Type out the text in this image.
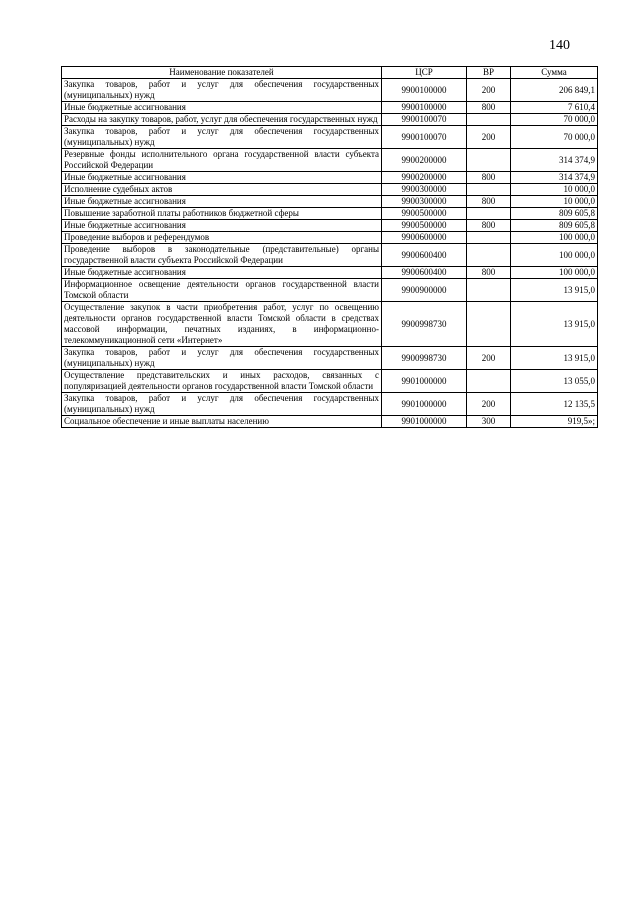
140
Наименование показателей	ЦСР	ВР	Сумма
Закупка товаров, работ и услуг для обеспечения государственных (муниципальных) нужд	9900100000	200	206 849,1
Иные бюджетные ассигнования	9900100000	800	7 610,4
Расходы на закупку товаров, работ, услуг для обеспечения государственных нужд	9900100070		70 000,0
Закупка товаров, работ и услуг для обеспечения государственных (муниципальных) нужд	9900100070	200	70 000,0
Резервные фонды исполнительного органа государственной власти субъекта Российской Федерации	9900200000		314 374,9
Иные бюджетные ассигнования	9900200000	800	314 374,9
Исполнение судебных актов	9900300000		10 000,0
Иные бюджетные ассигнования	9900300000	800	10 000,0
Повышение заработной платы работников бюджетной сферы	9900500000		809 605,8
Иные бюджетные ассигнования	9900500000	800	809 605,8
Проведение выборов и референдумов	9900600000		100 000,0
Проведение выборов в законодательные (представительные) органы государственной власти субъекта Российской Федерации	9900600400		100 000,0
Иные бюджетные ассигнования	9900600400	800	100 000,0
Информационное освещение деятельности органов государственной власти Томской области	9900900000		13 915,0
Осуществление закупок в части приобретения работ, услуг по освещению деятельности органов государственной власти Томской области в средствах массовой информации, печатных изданиях, в информационно-телекоммуникационной сети «Интернет»	9900998730		13 915,0
Закупка товаров, работ и услуг для обеспечения государственных (муниципальных) нужд	9900998730	200	13 915,0
Осуществление представительских и иных расходов, связанных с популяризацией деятельности органов государственной власти Томской области	9901000000		13 055,0
Закупка товаров, работ и услуг для обеспечения государственных (муниципальных) нужд	9901000000	200	12 135,5
Социальное обеспечение и иные выплаты населению	9901000000	300	919,5»;
